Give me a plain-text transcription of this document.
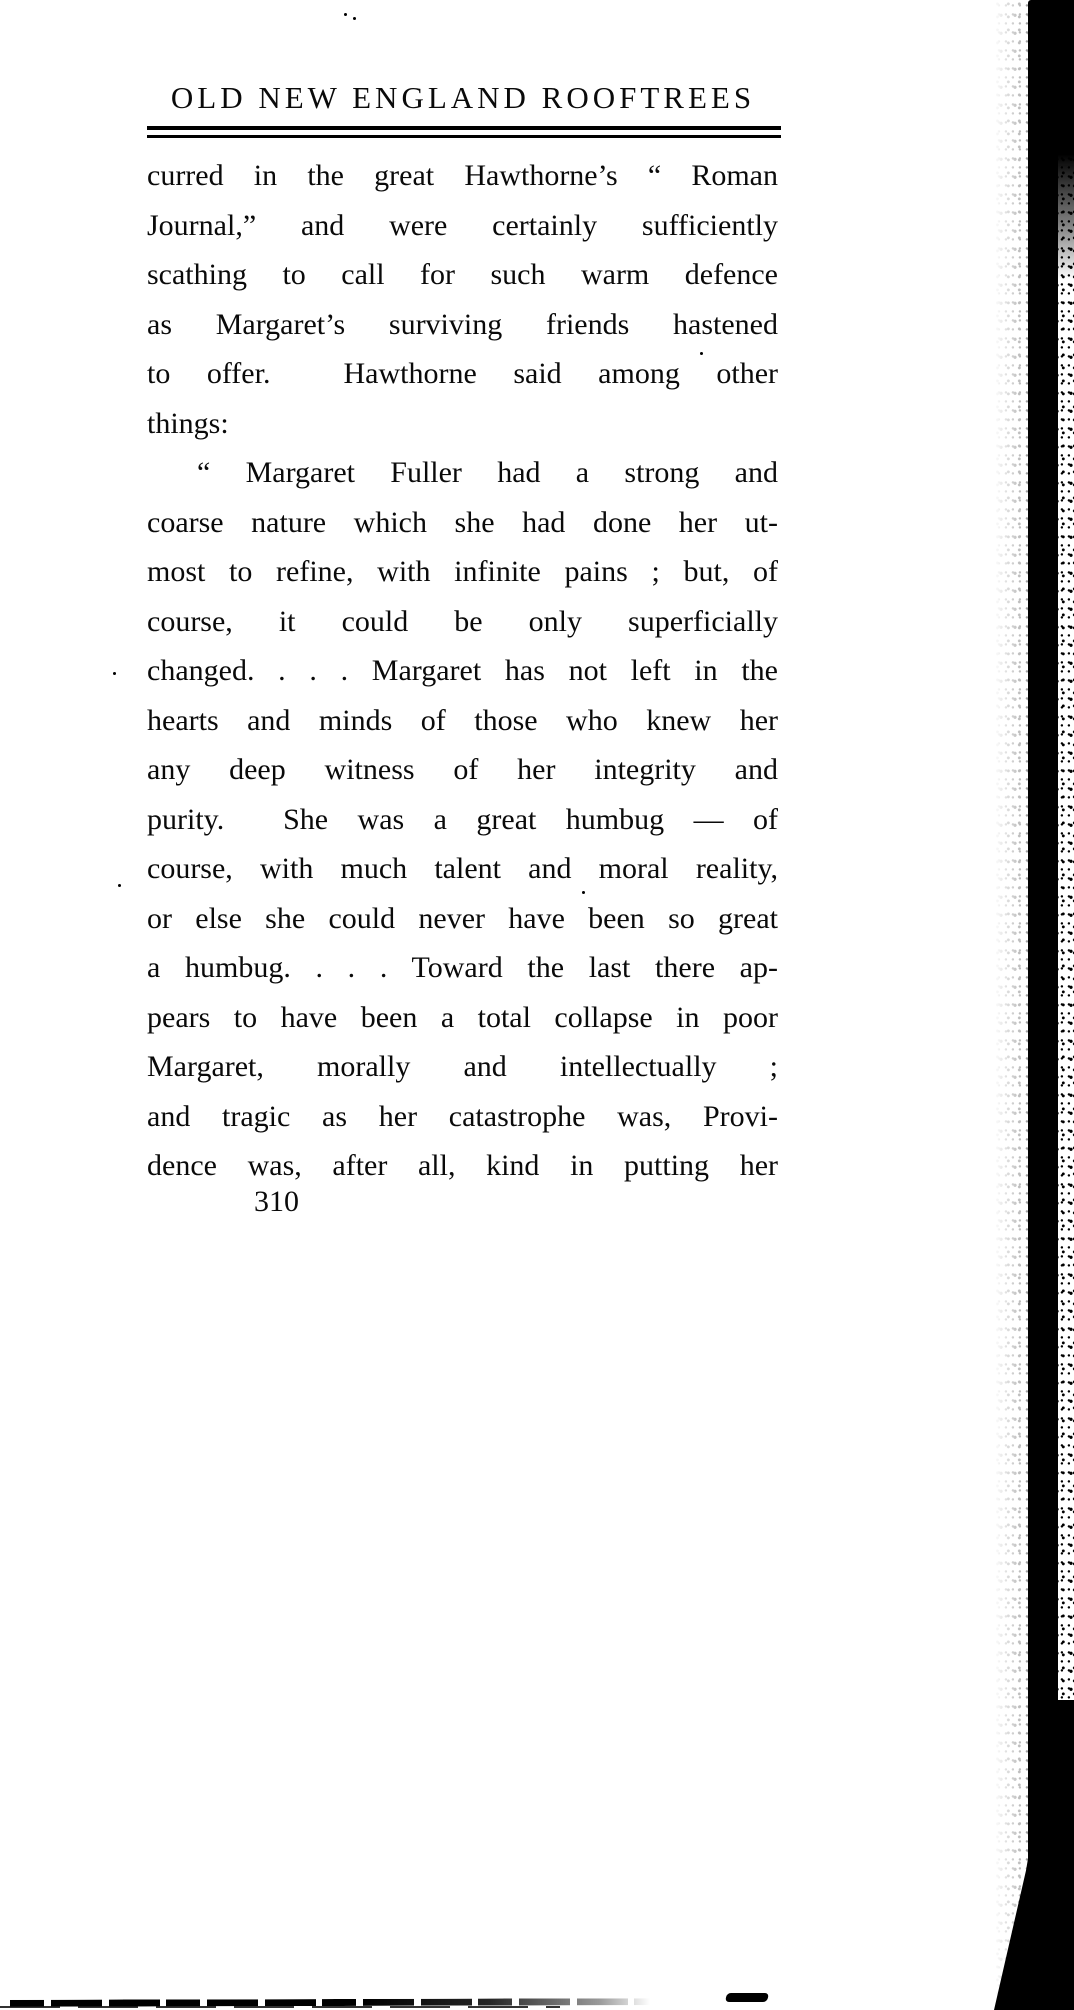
OLD NEW ENGLAND ROOFTREES
curred in the great Hawthorne’s “ Roman
Journal,” and were certainly sufficiently
scathing to call for such warm defence
as Margaret’s surviving friends hastened
to offer.  Hawthorne said among other
things:
“ Margaret Fuller had a strong and
coarse nature which she had done her ut-
most to refine, with infinite pains ; but, of
course, it could be only superficially
changed. . . . Margaret has not left in the
hearts and minds of those who knew her
any deep witness of her integrity and
purity.  She was a great humbug — of
course, with much talent and moral reality,
or else she could never have been so great
a humbug. . . . Toward the last there ap-
pears to have been a total collapse in poor
Margaret, morally and intellectually ;
and tragic as her catastrophe was, Provi-
dence was, after all, kind in putting her
310
